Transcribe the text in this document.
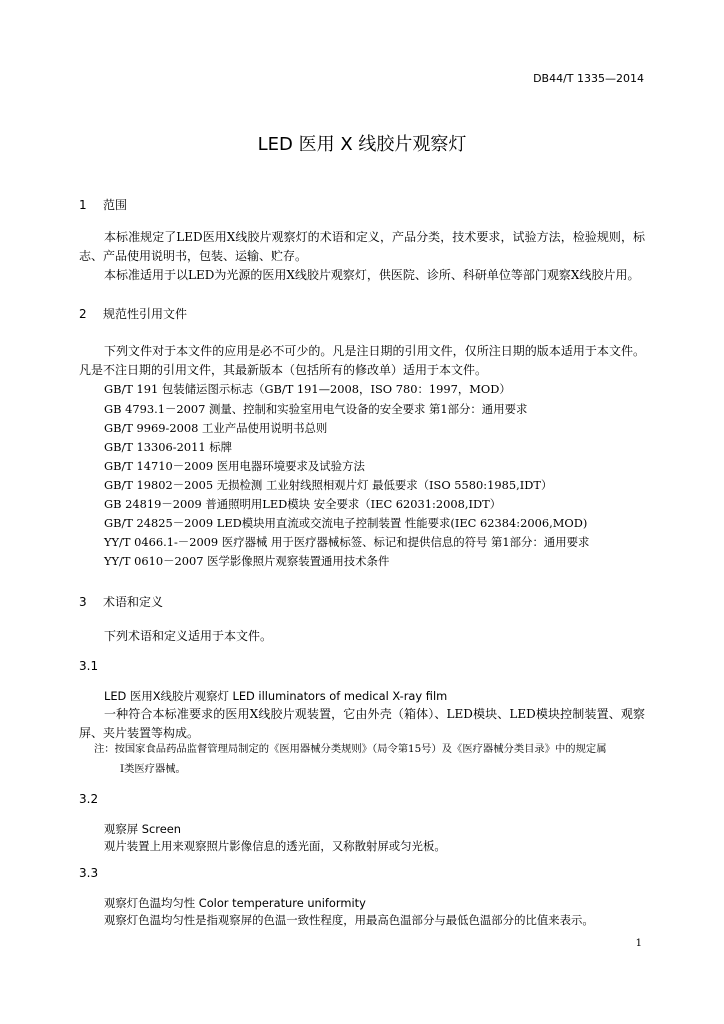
DB44/T 1335—2014
LED 医用 X 线胶片观察灯
1 范围
本标准规定了LED医用X线胶片观察灯的术语和定义，产品分类，技术要求，试验方法，检验规则，标志、产品使用说明书，包装、运输、贮存。
本标准适用于以LED为光源的医用X线胶片观察灯，供医院、诊所、科研单位等部门观察X线胶片用。
2 规范性引用文件
下列文件对于本文件的应用是必不可少的。凡是注日期的引用文件，仅所注日期的版本适用于本文件。凡是不注日期的引用文件，其最新版本（包括所有的修改单）适用于本文件。
GB/T 191 包装储运图示标志（GB/T 191—2008，ISO 780：1997，MOD）
GB 4793.1－2007 测量、控制和实验室用电气设备的安全要求 第1部分：通用要求
GB/T 9969-2008 工业产品使用说明书总则
GB/T 13306-2011 标牌
GB/T 14710－2009 医用电器环境要求及试验方法
GB/T 19802－2005 无损检测 工业射线照相观片灯 最低要求（ISO 5580:1985,IDT）
GB 24819－2009 普通照明用LED模块 安全要求（IEC 62031:2008,IDT）
GB/T 24825－2009 LED模块用直流或交流电子控制装置 性能要求(IEC 62384:2006,MOD)
YY/T 0466.1-－2009 医疗器械 用于医疗器械标签、标记和提供信息的符号 第1部分：通用要求
YY/T 0610－2007 医学影像照片观察装置通用技术条件
3 术语和定义
下列术语和定义适用于本文件。
3.1
LED 医用X线胶片观察灯 LED illuminators of medical X-ray film
一种符合本标准要求的医用X线胶片观装置，它由外壳（箱体）、LED模块、LED模块控制装置、观察屏、夹片装置等构成。
注：按国家食品药品监督管理局制定的《医用器械分类规则》（局令第15号）及《医疗器械分类目录》中的规定属
Ⅰ类医疗器械。
3.2
观察屏 Screen
观片装置上用来观察照片影像信息的透光面，又称散射屏或匀光板。
3.3
观察灯色温均匀性 Color temperature uniformity
观察灯色温均匀性是指观察屏的色温一致性程度，用最高色温部分与最低色温部分的比值来表示。
1
